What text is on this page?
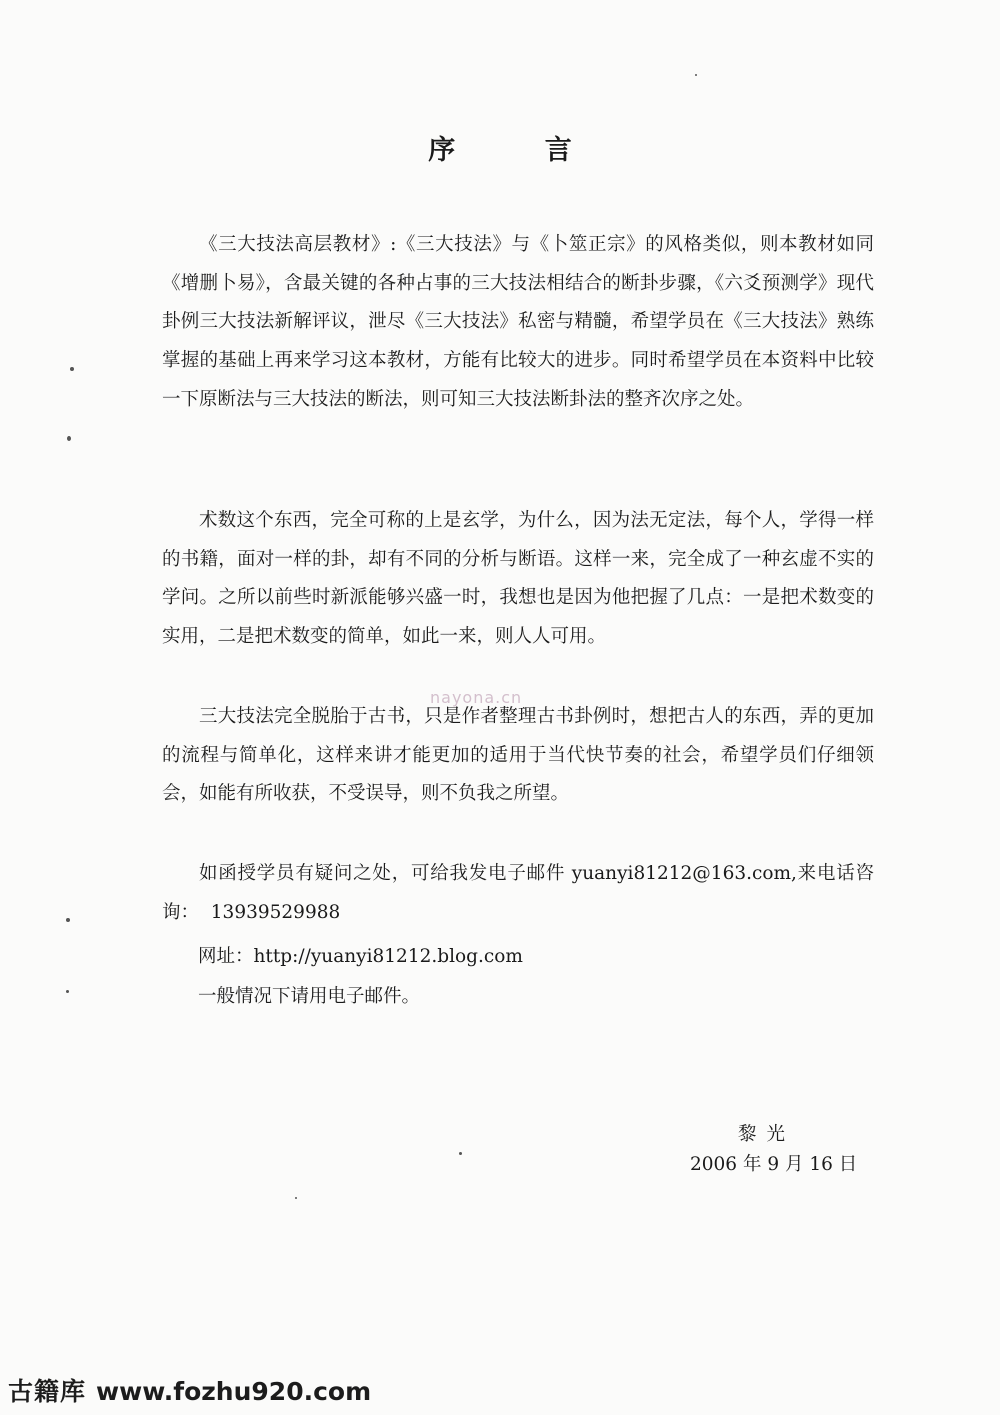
序 言

《三大技法高层教材》:《三大技法》与《卜筮正宗》的风格类似，则本教材如同《增删卜易》，含最关键的各种占事的三大技法相结合的断卦步骤，《六爻预测学》现代卦例三大技法新解评议，泄尽《三大技法》私密与精髓，希望学员在《三大技法》熟练掌握的基础上再来学习这本教材，方能有比较大的进步。同时希望学员在本资料中比较一下原断法与三大技法的断法，则可知三大技法断卦法的整齐次序之处。

术数这个东西，完全可称的上是玄学，为什么，因为法无定法，每个人，学得一样的书籍，面对一样的卦，却有不同的分析与断语。这样一来，完全成了一种玄虚不实的学问。之所以前些时新派能够兴盛一时，我想也是因为他把握了几点：一是把术数变的实用，二是把术数变的简单，如此一来，则人人可用。

三大技法完全脱胎于古书，只是作者整理古书卦例时，想把古人的东西，弄的更加的流程与简单化，这样来讲才能更加的适用于当代快节奏的社会，希望学员们仔细领会，如能有所收获，不受误导，则不负我之所望。

如函授学员有疑问之处，可给我发电子邮件 yuanyi81212@163.com,来电话咨询： 13939529988

网址：http://yuanyi81212.blog.com
一般情况下请用电子邮件。
黎光
2006 年 9 月 16 日
nayona.cn
古籍库 www.fozhu920.com
